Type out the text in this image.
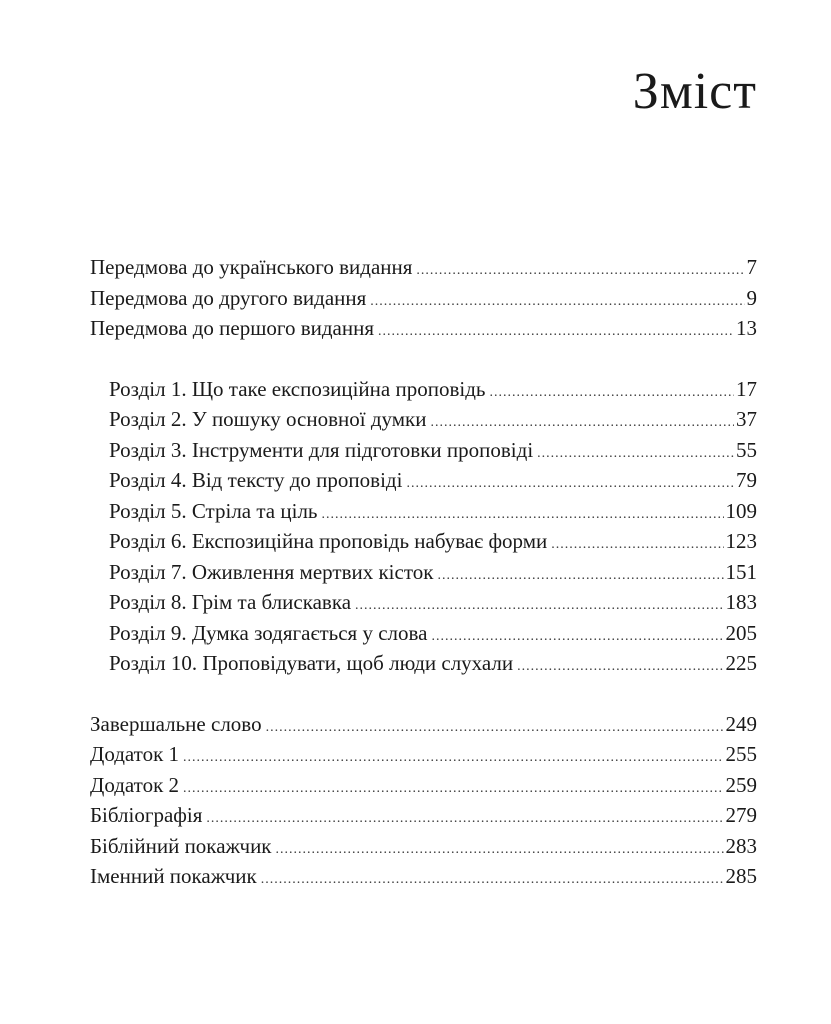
Зміст
Передмова до українського видання .....	7
Передмова до другого видання .....	9
Передмова до першого видання .....	13
Розділ 1. Що таке експозиційна проповідь .....	17
Розділ 2. У пошуку основної думки .....	37
Розділ 3. Інструменти для підготовки проповіді .....	55
Розділ 4. Від тексту до проповіді .....	79
Розділ 5. Стріла та ціль .....	109
Розділ 6. Експозиційна проповідь набуває форми .....	123
Розділ 7. Оживлення мертвих кісток .....	151
Розділ 8. Грім та блискавка .....	183
Розділ 9. Думка зодягається у слова .....	205
Розділ 10. Проповідувати, щоб люди слухали .....	225
Завершальне слово .....	249
Додаток 1 .....	255
Додаток 2 .....	259
Бібліографія .....	279
Біблійний покажчик .....	283
Іменний покажчик .....	285
